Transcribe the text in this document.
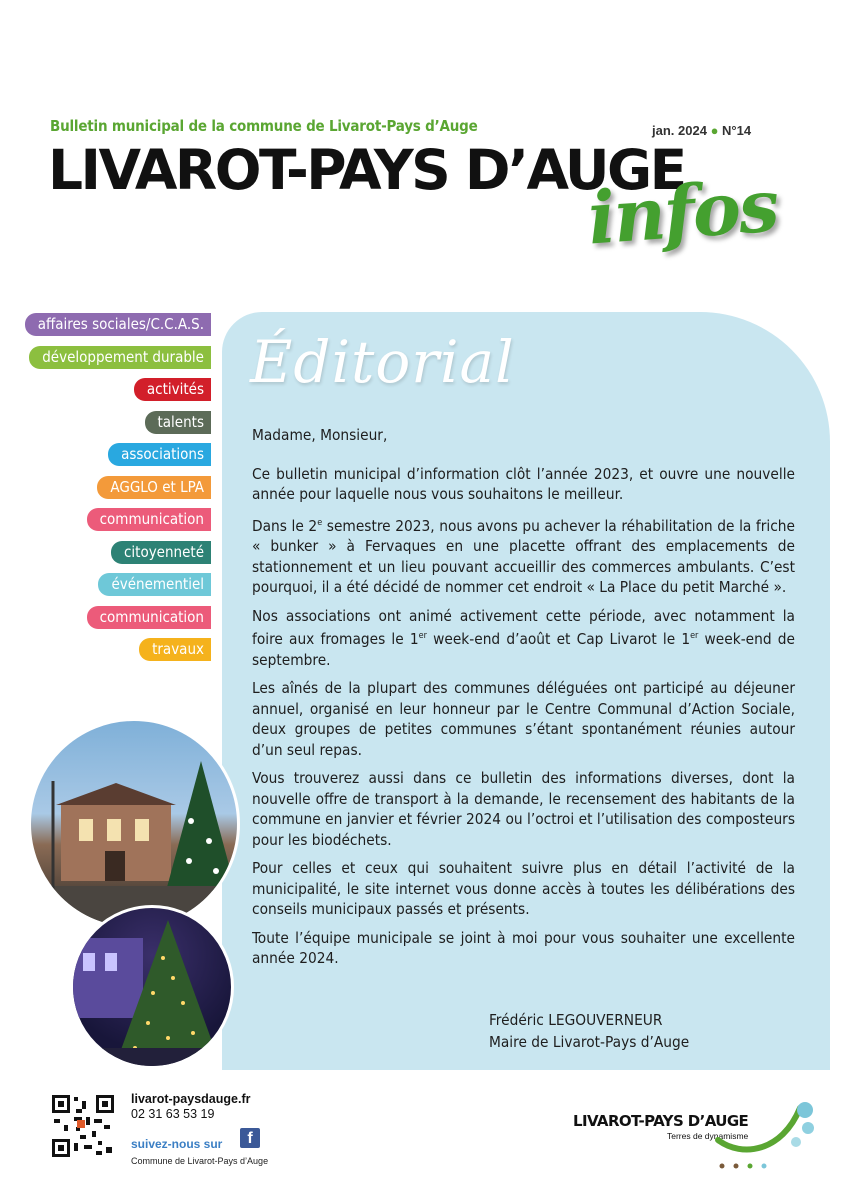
Bulletin municipal de la commune de Livarot-Pays d’Auge	jan. 2024 ● N°14
LIVAROT-PAYS D’AUGE
infos
affaires sociales/C.C.A.S.
développement durable
activités
talents
associations
AGGLO et LPA
communication
citoyenneté
événementiel
communication
travaux
Éditorial

Madame, Monsieur,

Ce bulletin municipal d’information clôt l’année 2023, et ouvre une nouvelle année pour laquelle nous vous souhaitons le meilleur.

Dans le 2e semestre 2023, nous avons pu achever la réhabilitation de la friche « bunker » à Fervaques en une placette offrant des emplacements de stationnement et un lieu pouvant accueillir des commerces ambulants. C’est pourquoi, il a été décidé de nommer cet endroit « La Place du petit Marché ».

Nos associations ont animé activement cette période, avec notamment la foire aux fromages le 1er week-end d’août et Cap Livarot le 1er week-end de septembre.

Les aînés de la plupart des communes déléguées ont participé au déjeuner annuel, organisé en leur honneur par le Centre Communal d’Action Sociale, deux groupes de petites communes s’étant spontanément réunies autour d’un seul repas.

Vous trouverez aussi dans ce bulletin des informations diverses, dont la nouvelle offre de transport à la demande, le recensement des habitants de la commune en janvier et février 2024 ou l’octroi et l’utilisation des composteurs pour les biodéchets.

Pour celles et ceux qui souhaitent suivre plus en détail l’activité de la municipalité, le site internet vous donne accès à toutes les délibérations des conseils municipaux passés et présents.

Toute l’équipe municipale se joint à moi pour vous souhaiter une excellente année 2024.

Frédéric LEGOUVERNEUR
Maire de Livarot-Pays d’Auge
livarot-paysdauge.fr
02 31 63 53 19
suivez-nous sur	f
Commune de Livarot-Pays d’Auge
LIVAROT-PAYS D’AUGE
Terres de dynamisme
